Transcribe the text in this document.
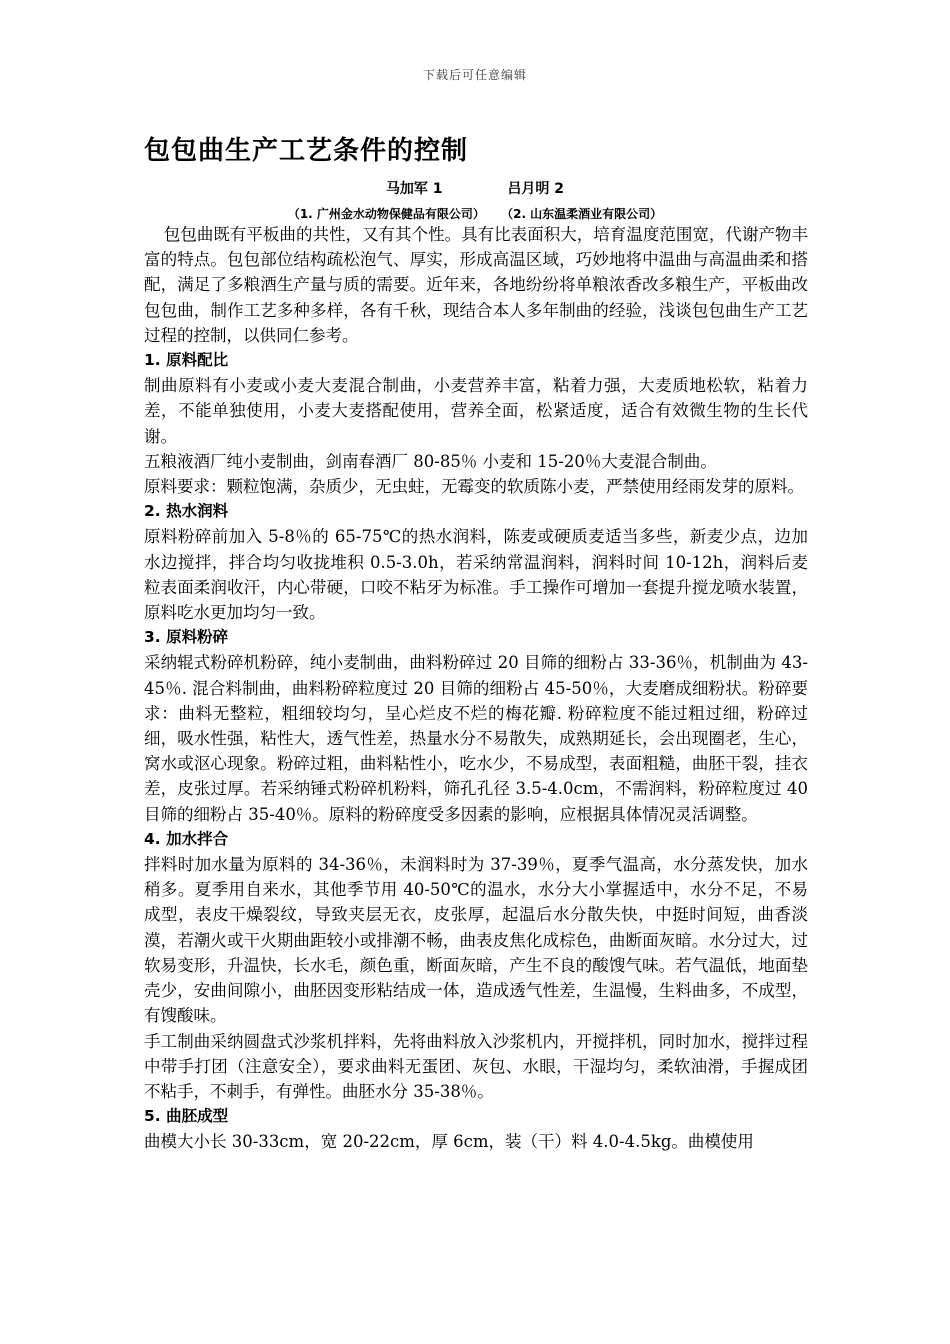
下载后可任意编辑
包包曲生产工艺条件的控制
马加军 1	吕月明 2
（1. 广州金水动物保健品有限公司） （2. 山东温柔酒业有限公司）

包包曲既有平板曲的共性，又有其个性。具有比表面积大，培育温度范围宽，代谢产物丰富的特点。包包部位结构疏松泡气、厚实，形成高温区域，巧妙地将中温曲与高温曲柔和搭配，满足了多粮酒生产量与质的需要。近年来，各地纷纷将单粮浓香改多粮生产，平板曲改包包曲，制作工艺多种多样，各有千秋，现结合本人多年制曲的经验，浅谈包包曲生产工艺过程的控制，以供同仁参考。

1. 原料配比

制曲原料有小麦或小麦大麦混合制曲，小麦营养丰富，粘着力强，大麦质地松软，粘着力差，不能单独使用，小麦大麦搭配使用，营养全面，松紧适度，适合有效微生物的生长代谢。

五粮液酒厂纯小麦制曲，剑南春酒厂 80-85％ 小麦和 15-20％大麦混合制曲。

原料要求：颗粒饱满，杂质少，无虫蛀，无霉变的软质陈小麦，严禁使用经雨发芽的原料。

2. 热水润料

原料粉碎前加入 5-8％的 65-75℃的热水润料，陈麦或硬质麦适当多些，新麦少点，边加水边搅拌，拌合均匀收拢堆积 0.5-3.0h，若采纳常温润料，润料时间 10-12h，润料后麦粒表面柔润收汗，内心带硬，口咬不粘牙为标准。手工操作可增加一套提升搅龙喷水装置，原料吃水更加均匀一致。

3. 原料粉碎

采纳辊式粉碎机粉碎，纯小麦制曲，曲料粉碎过 20 目筛的细粉占 33-36％，机制曲为 43-45％. 混合料制曲，曲料粉碎粒度过 20 目筛的细粉占 45-50％，大麦磨成细粉状。粉碎要求：曲料无整粒，粗细较均匀，呈心烂皮不烂的梅花瓣. 粉碎粒度不能过粗过细，粉碎过细，吸水性强，粘性大，透气性差，热量水分不易散失，成熟期延长，会出现圈老，生心，窝水或沤心现象。粉碎过粗，曲料粘性小，吃水少，不易成型，表面粗糙，曲胚干裂，挂衣差，皮张过厚。若采纳锤式粉碎机粉料，筛孔孔径 3.5-4.0cm，不需润料，粉碎粒度过 40 目筛的细粉占 35-40％。原料的粉碎度受多因素的影响，应根据具体情况灵活调整。

4. 加水拌合

拌料时加水量为原料的 34-36％，未润料时为 37-39％，夏季气温高，水分蒸发快，加水稍多。夏季用自来水，其他季节用 40-50℃的温水，水分大小掌握适中，水分不足，不易成型，表皮干燥裂纹，导致夹层无衣，皮张厚，起温后水分散失快，中挺时间短，曲香淡漠，若潮火或干火期曲距较小或排潮不畅，曲表皮焦化成棕色，曲断面灰暗。水分过大，过软易变形，升温快，长水毛，颜色重，断面灰暗，产生不良的酸馊气味。若气温低，地面垫壳少，安曲间隙小，曲胚因变形粘结成一体，造成透气性差，生温慢，生料曲多，不成型，有馊酸味。

手工制曲采纳圆盘式沙浆机拌料，先将曲料放入沙浆机内，开搅拌机，同时加水，搅拌过程中带手打团（注意安全），要求曲料无蛋团、灰包、水眼，干湿均匀，柔软油滑，手握成团不粘手，不刺手，有弹性。曲胚水分 35-38％。

5. 曲胚成型

曲模大小长 30-33cm，宽 20-22cm，厚 6cm，装（干）料 4.0-4.5kg。曲模使用
